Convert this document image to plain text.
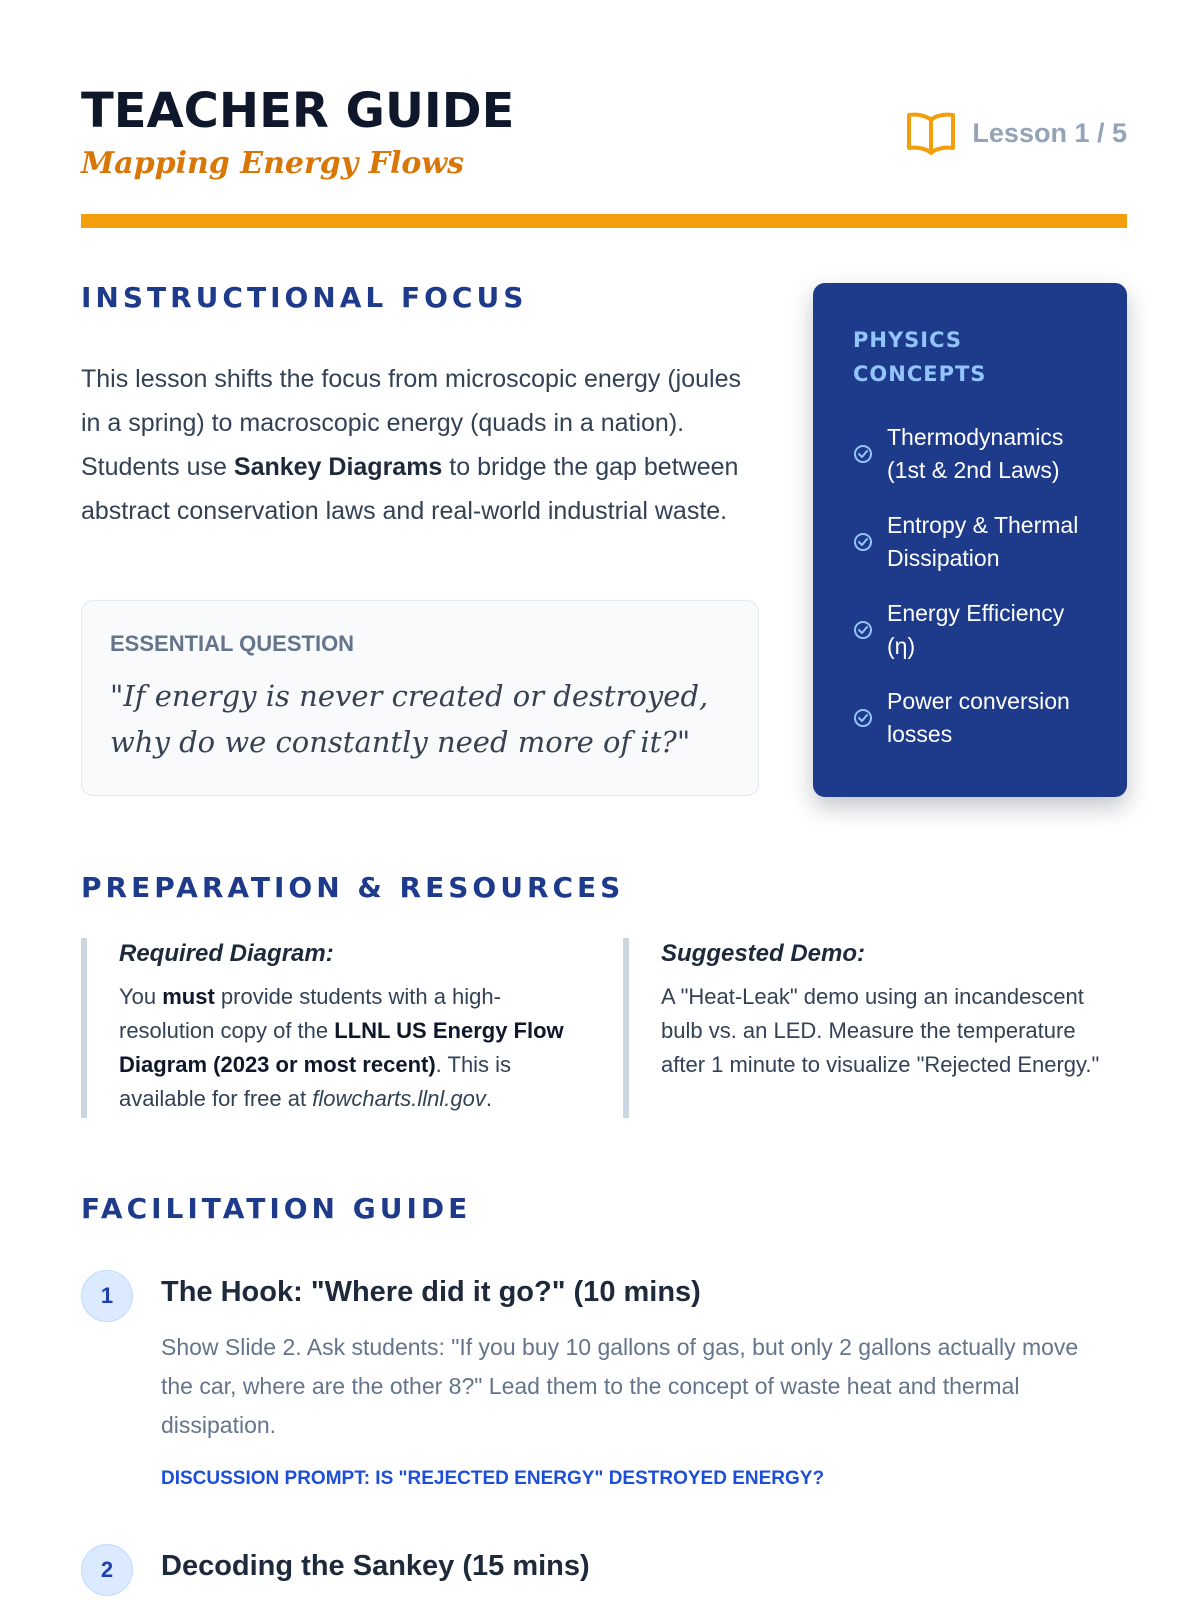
TEACHER GUIDE
Mapping Energy Flows
Lesson 1 / 5
INSTRUCTIONAL FOCUS

This lesson shifts the focus from microscopic energy (joules in a spring) to macroscopic energy (quads in a nation). Students use Sankey Diagrams to bridge the gap between abstract conservation laws and real-world industrial waste.

ESSENTIAL QUESTION
"If energy is never created or destroyed, why do we constantly need more of it?"
PHYSICS CONCEPTS
Thermodynamics (1st & 2nd Laws)
Entropy & Thermal Dissipation
Energy Efficiency (η)
Power conversion losses
PREPARATION & RESOURCES
Required Diagram:

You must provide students with a high-resolution copy of the LLNL US Energy Flow Diagram (2023 or most recent). This is available for free at flowcharts.llnl.gov.

Suggested Demo:

A "Heat-Leak" demo using an incandescent bulb vs. an LED. Measure the temperature after 1 minute to visualize "Rejected Energy."

FACILITATION GUIDE
1	The Hook: "Where did it go?" (10 mins)
Show Slide 2. Ask students: "If you buy 10 gallons of gas, but only 2 gallons actually move the car, where are the other 8?" Lead them to the concept of waste heat and thermal dissipation.
DISCUSSION PROMPT: IS "REJECTED ENERGY" DESTROYED ENERGY?
2	Decoding the Sankey (15 mins)
